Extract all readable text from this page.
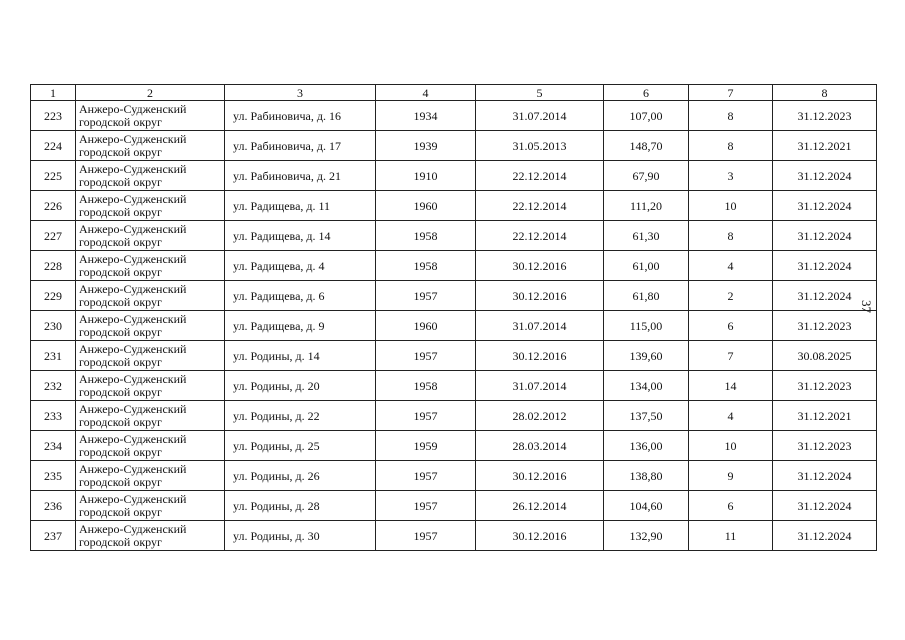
1	2	3	4	5	6	7	8
223	Анжеро-Судженский
городской округ	ул. Рабиновича, д. 16	1934	31.07.2014	107,00	8	31.12.2023
224	Анжеро-Судженский
городской округ	ул. Рабиновича, д. 17	1939	31.05.2013	148,70	8	31.12.2021
225	Анжеро-Судженский
городской округ	ул. Рабиновича, д. 21	1910	22.12.2014	67,90	3	31.12.2024
226	Анжеро-Судженский
городской округ	ул. Радищева, д. 11	1960	22.12.2014	111,20	10	31.12.2024
227	Анжеро-Судженский
городской округ	ул. Радищева, д. 14	1958	22.12.2014	61,30	8	31.12.2024
228	Анжеро-Судженский
городской округ	ул. Радищева, д. 4	1958	30.12.2016	61,00	4	31.12.2024
229	Анжеро-Судженский
городской округ	ул. Радищева, д. 6	1957	30.12.2016	61,80	2	31.12.2024
230	Анжеро-Судженский
городской округ	ул. Радищева, д. 9	1960	31.07.2014	115,00	6	31.12.2023
231	Анжеро-Судженский
городской округ	ул. Родины, д. 14	1957	30.12.2016	139,60	7	30.08.2025
232	Анжеро-Судженский
городской округ	ул. Родины, д. 20	1958	31.07.2014	134,00	14	31.12.2023
233	Анжеро-Судженский
городской округ	ул. Родины, д. 22	1957	28.02.2012	137,50	4	31.12.2021
234	Анжеро-Судженский
городской округ	ул. Родины, д. 25	1959	28.03.2014	136,00	10	31.12.2023
235	Анжеро-Судженский
городской округ	ул. Родины, д. 26	1957	30.12.2016	138,80	9	31.12.2024
236	Анжеро-Судженский
городской округ	ул. Родины, д. 28	1957	26.12.2014	104,60	6	31.12.2024
237	Анжеро-Судженский
городской округ	ул. Родины, д. 30	1957	30.12.2016	132,90	11	31.12.2024
37
